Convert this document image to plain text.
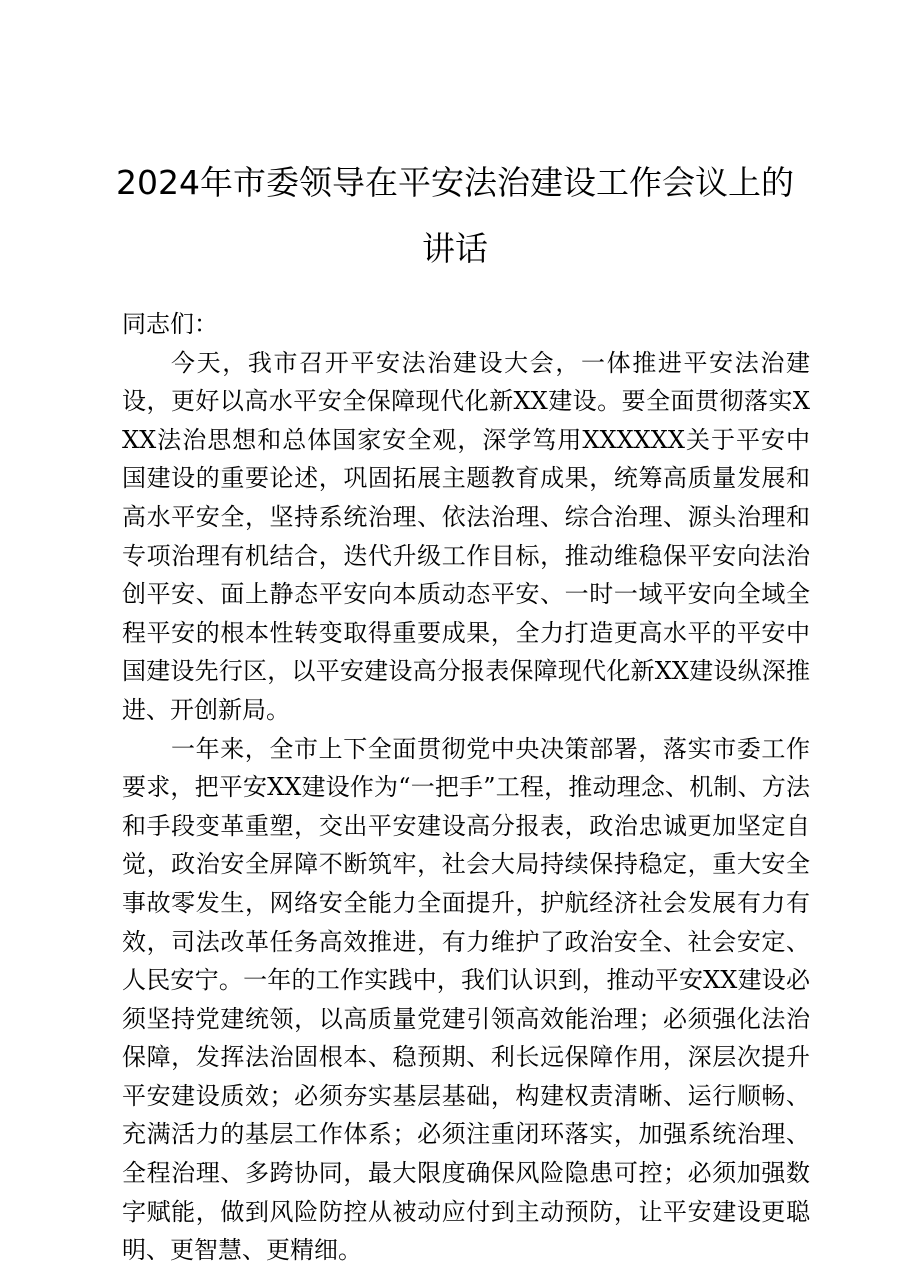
2024年市委领导在平安法治建设工作会议上的讲话

同志们：

今天，我市召开平安法治建设大会，一体推进平安法治建设，更好以高水平安全保障现代化新XX建设。要全面贯彻落实XXX法治思想和总体国家安全观，深学笃用XXXXXX关于平安中国建设的重要论述，巩固拓展主题教育成果，统筹高质量发展和高水平安全，坚持系统治理、依法治理、综合治理、源头治理和专项治理有机结合，迭代升级工作目标，推动维稳保平安向法治创平安、面上静态平安向本质动态平安、一时一域平安向全域全程平安的根本性转变取得重要成果，全力打造更高水平的平安中国建设先行区，以平安建设高分报表保障现代化新XX建设纵深推进、开创新局。

一年来，全市上下全面贯彻党中央决策部署，落实市委工作要求，把平安XX建设作为“一把手”工程，推动理念、机制、方法和手段变革重塑，交出平安建设高分报表，政治忠诚更加坚定自觉，政治安全屏障不断筑牢，社会大局持续保持稳定，重大安全事故零发生，网络安全能力全面提升，护航经济社会发展有力有效，司法改革任务高效推进，有力维护了政治安全、社会安定、人民安宁。一年的工作实践中，我们认识到，推动平安XX建设必须坚持党建统领，以高质量党建引领高效能治理；必须强化法治保障，发挥法治固根本、稳预期、利长远保障作用，深层次提升平安建设质效；必须夯实基层基础，构建权责清晰、运行顺畅、充满活力的基层工作体系；必须注重闭环落实，加强系统治理、全程治理、多跨协同，最大限度确保风险隐患可控；必须加强数字赋能，做到风险防控从被动应付到主动预防，让平安建设更聪明、更智慧、更精细。
